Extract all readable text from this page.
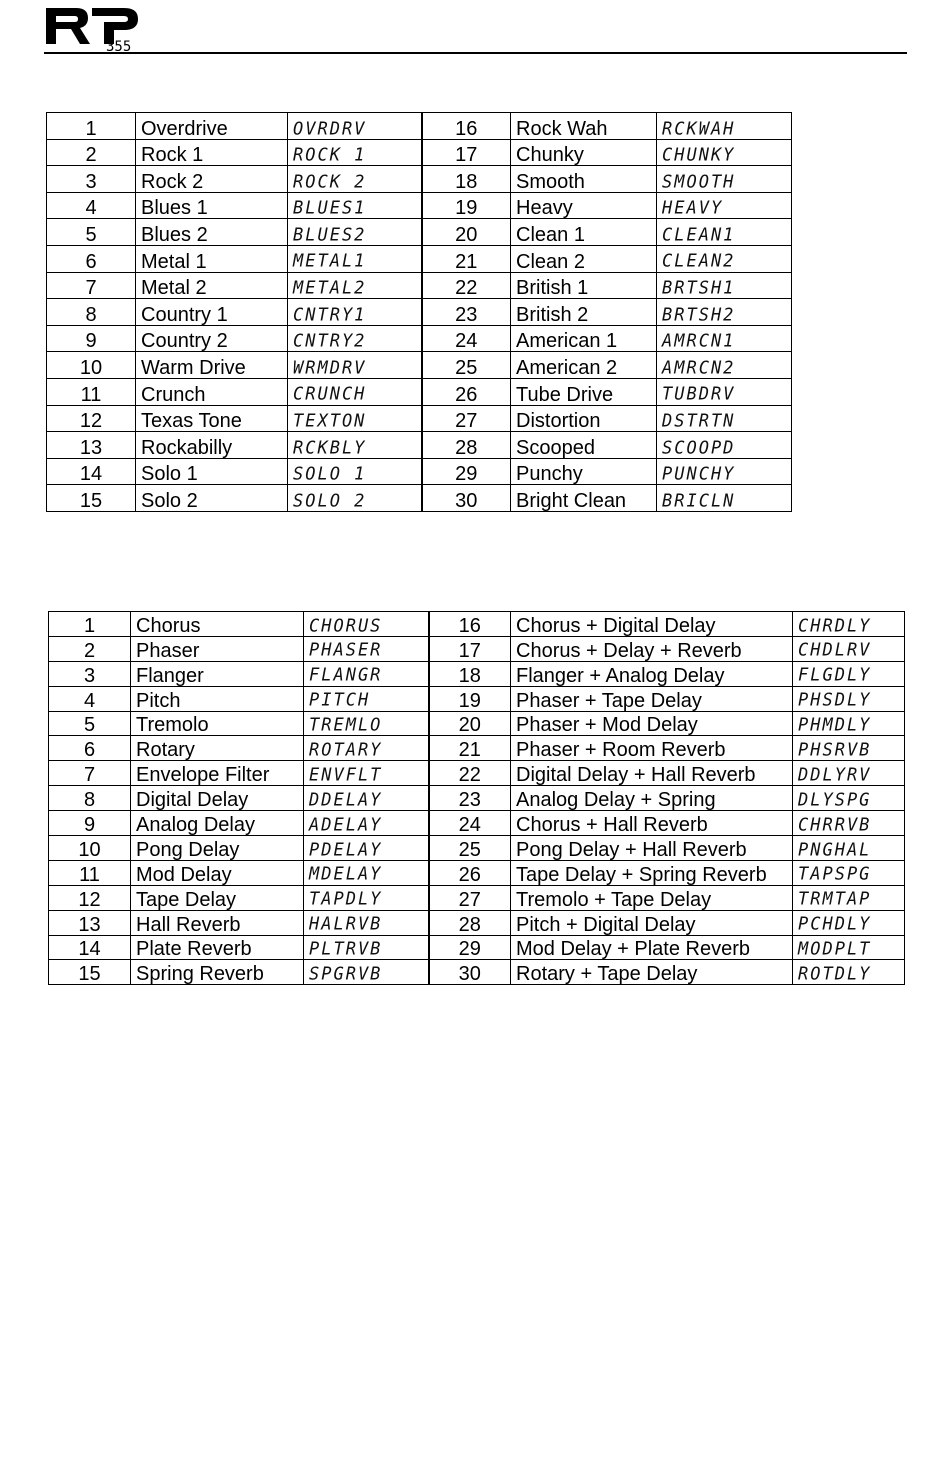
355
1	Overdrive	OVRDRV	16	Rock Wah	RCKWAH
2	Rock 1	ROCK 1	17	Chunky	CHUNKY
3	Rock 2	ROCK 2	18	Smooth	SMOOTH
4	Blues 1	BLUES1	19	Heavy	HEAVY
5	Blues 2	BLUES2	20	Clean 1	CLEAN1
6	Metal 1	METAL1	21	Clean 2	CLEAN2
7	Metal 2	METAL2	22	British 1	BRTSH1
8	Country 1	CNTRY1	23	British 2	BRTSH2
9	Country 2	CNTRY2	24	American 1	AMRCN1
10	Warm Drive	WRMDRV	25	American 2	AMRCN2
11	Crunch	CRUNCH	26	Tube Drive	TUBDRV
12	Texas Tone	TEXTON	27	Distortion	DSTRTN
13	Rockabilly	RCKBLY	28	Scooped	SCOOPD
14	Solo 1	SOLO 1	29	Punchy	PUNCHY
15	Solo 2	SOLO 2	30	Bright Clean	BRICLN
1	Chorus	CHORUS	16	Chorus + Digital Delay	CHRDLY
2	Phaser	PHASER	17	Chorus + Delay + Reverb	CHDLRV
3	Flanger	FLANGR	18	Flanger + Analog Delay	FLGDLY
4	Pitch	PITCH	19	Phaser + Tape Delay	PHSDLY
5	Tremolo	TREMLO	20	Phaser + Mod Delay	PHMDLY
6	Rotary	ROTARY	21	Phaser + Room Reverb	PHSRVB
7	Envelope Filter	ENVFLT	22	Digital Delay + Hall Reverb	DDLYRV
8	Digital Delay	DDELAY	23	Analog Delay + Spring	DLYSPG
9	Analog Delay	ADELAY	24	Chorus + Hall Reverb	CHRRVB
10	Pong Delay	PDELAY	25	Pong Delay + Hall Reverb	PNGHAL
11	Mod Delay	MDELAY	26	Tape Delay + Spring Reverb	TAPSPG
12	Tape Delay	TAPDLY	27	Tremolo + Tape Delay	TRMTAP
13	Hall Reverb	HALRVB	28	Pitch + Digital Delay	PCHDLY
14	Plate Reverb	PLTRVB	29	Mod Delay + Plate Reverb	MODPLT
15	Spring Reverb	SPGRVB	30	Rotary + Tape Delay	ROTDLY
